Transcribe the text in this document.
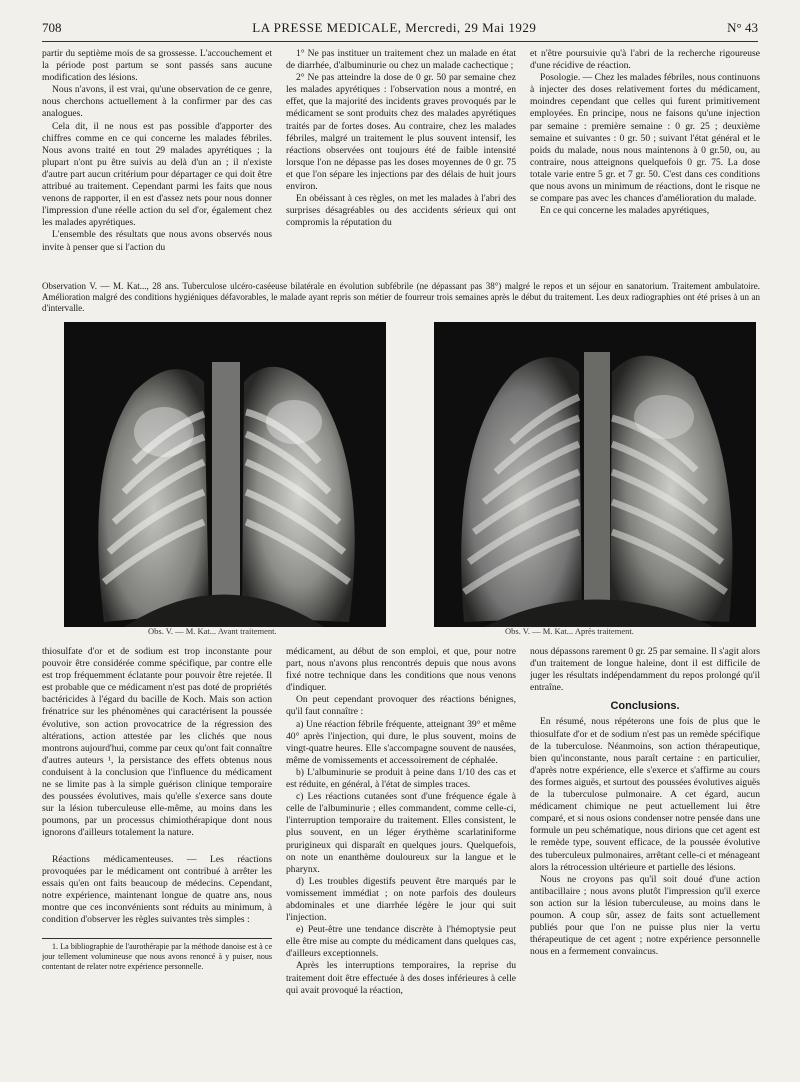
708	LA PRESSE MEDICALE, Mercredi, 29 Mai 1929	N° 43

partir du septième mois de sa grossesse. L'accouchement et la période post partum se sont passés sans aucune modification des lésions.

Nous n'avons, il est vrai, qu'une observation de ce genre, nous cherchons actuellement à la confirmer par des cas analogues.

Cela dit, il ne nous est pas possible d'apporter des chiffres comme en ce qui concerne les malades fébriles. Nous avons traité en tout 29 malades apyrétiques ; la plupart n'ont pu être suivis au delà d'un an ; il n'existe d'autre part aucun critérium pour départager ce qui doit être attribué au traitement. Cependant parmi les faits que nous venons de rapporter, il en est d'assez nets pour nous donner l'impression d'une réelle action du sel d'or, également chez les malades apyrétiques.

L'ensemble des résultats que nous avons observés nous invite à penser que si l'action du

1° Ne pas instituer un traitement chez un malade en état de diarrhée, d'albuminurie ou chez un malade cachectique ;

2° Ne pas atteindre la dose de 0 gr. 50 par semaine chez les malades apyrétiques : l'observation nous a montré, en effet, que la majorité des incidents graves provoqués par le médicament se sont produits chez des malades apyrétiques traités par de fortes doses. Au contraire, chez les malades fébriles, malgré un traitement le plus souvent intensif, les réactions observées ont toujours été de faible intensité lorsque l'on ne dépasse pas les doses moyennes de 0 gr. 75 et que l'on sépare les injections par des délais de huit jours environ.

En obéissant à ces règles, on met les malades à l'abri des surprises désagréables ou des accidents sérieux qui ont compromis la réputation du

et n'être poursuivie qu'à l'abri de la recherche rigoureuse d'une récidive de réaction.

Posologie. — Chez les malades fébriles, nous continuons à injecter des doses relativement fortes du médicament, moindres cependant que celles qui furent primitivement employées. En principe, nous ne faisons qu'une injection par semaine : première semaine : 0 gr. 25 ; deuxième semaine et suivantes : 0 gr. 50 ; suivant l'état général et le poids du malade, nous nous maintenons à 0 gr.50, ou, au contraire, nous atteignons quelquefois 0 gr. 75. La dose totale varie entre 5 gr. et 7 gr. 50. C'est dans ces conditions que nous avons un minimum de réactions, dont le risque ne se compare pas avec les chances d'amélioration du malade.

En ce qui concerne les malades apyrétiques,

Observation V. — M. Kat..., 28 ans. Tuberculose ulcéro-caséeuse bilatérale en évolution subfébrile (ne dépassant pas 38°) malgré le repos et un séjour en sanatorium. Traitement ambulatoire. Amélioration malgré des conditions hygiéniques défavorables, le malade ayant repris son métier de fourreur trois semaines après le début du traitement. Les deux radiographies ont été prises à un an d'intervalle.
Obs. V. — M. Kat... Avant traitement.	Obs. V. — M. Kat... Après traitement.

thiosulfate d'or et de sodium est trop inconstante pour pouvoir être considérée comme spécifique, par contre elle est trop fréquemment éclatante pour pouvoir être rejetée. Il est probable que ce médicament n'est pas doté de propriétés bactéricides à l'égard du bacille de Koch. Mais son action frénatrice sur les phénomènes qui caractérisent la poussée évolutive, son action provocatrice de la régression des altérations, action attestée par les clichés que nous montrons aujourd'hui, comme par ceux qu'ont fait connaître d'autres auteurs ¹, la persistance des effets obtenus nous conduisent à la conclusion que l'influence du médicament ne se limite pas à la simple guérison clinique temporaire des poussées évolutives, mais qu'elle s'exerce sans doute sur la lésion tuberculeuse elle-même, au moins dans les poumons, par un processus chimiothérapique dont nous ignorons d'ailleurs totalement la nature.

Réactions médicamenteuses. — Les réactions provoquées par le médicament ont contribué à arrêter les essais qu'en ont faits beaucoup de médecins. Cependant, notre expérience, maintenant longue de quatre ans, nous montre que ces inconvénients sont réduits au minimum, à condition d'observer les règles suivantes très simples :

1. La bibliographie de l'aurothérapie par la méthode danoise est à ce jour tellement volumineuse que nous avons renoncé à y puiser, nous contentant de relater notre expérience personnelle.

médicament, au début de son emploi, et que, pour notre part, nous n'avons plus rencontrés depuis que nous avons fixé notre technique dans les conditions que nous venons d'indiquer.

On peut cependant provoquer des réactions bénignes, qu'il faut connaître :

a) Une réaction fébrile fréquente, atteignant 39° et même 40° après l'injection, qui dure, le plus souvent, moins de vingt-quatre heures. Elle s'accompagne souvent de nausées, même de vomissements et accessoirement de céphalée.

b) L'albuminurie se produit à peine dans 1/10 des cas et est réduite, en général, à l'état de simples traces.

c) Les réactions cutanées sont d'une fréquence égale à celle de l'albuminurie ; elles commandent, comme celle-ci, l'interruption temporaire du traitement. Elles consistent, le plus souvent, en un léger érythème scarlatiniforme prurigineux qui disparaît en quelques jours. Quelquefois, on note un enanthème douloureux sur la langue et le pharynx.

d) Les troubles digestifs peuvent être marqués par le vomissement immédiat ; on note parfois des douleurs abdominales et une diarrhée légère le jour qui suit l'injection.

e) Peut-être une tendance discrète à l'hémoptysie peut elle être mise au compte du médicament dans quelques cas, d'ailleurs exceptionnels.

Après les interruptions temporaires, la reprise du traitement doit être effectuée à des doses inférieures à celle qui avait provoqué la réaction,

nous dépassons rarement 0 gr. 25 par semaine. Il s'agit alors d'un traitement de longue haleine, dont il est difficile de juger les résultats indépendamment du repos prolongé qu'il entraîne.

Conclusions.

En résumé, nous répéterons une fois de plus que le thiosulfate d'or et de sodium n'est pas un remède spécifique de la tuberculose. Néanmoins, son action thérapeutique, bien qu'inconstante, nous paraît certaine : en particulier, d'après notre expérience, elle s'exerce et s'affirme au cours des formes aiguës, et surtout des poussées évolutives aiguës de la tuberculose pulmonaire. A cet égard, aucun médicament chimique ne peut actuellement lui être comparé, et si nous osions condenser notre pensée dans une formule un peu schématique, nous dirions que cet agent est le remède type, souvent efficace, de la poussée évolutive des tuberculeux pulmonaires, arrêtant celle-ci et ménageant alors la rétrocession ultérieure et partielle des lésions.

Nous ne croyons pas qu'il soit doué d'une action antibacillaire ; nous avons plutôt l'impression qu'il exerce son action sur la lésion tuberculeuse, au moins dans le poumon. A coup sûr, assez de faits sont actuellement publiés pour que l'on ne puisse plus nier la vertu thérapeutique de cet agent ; notre expérience personnelle nous en a fermement convaincus.
